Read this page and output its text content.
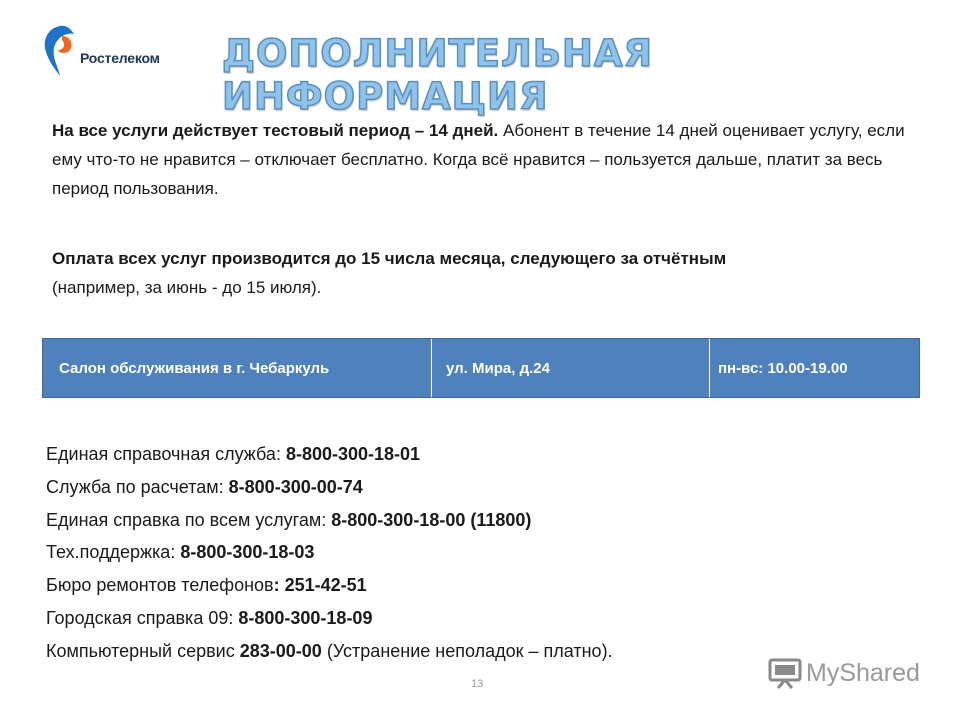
Ростелеком ДОПОЛНИТЕЛЬНАЯ ИНФОРМАЦИЯ
На все услуги действует тестовый период – 14 дней. Абонент в течение 14 дней оценивает услугу, если ему что-то не нравится – отключает бесплатно. Когда всё нравится – пользуется дальше, платит за весь период пользования.
Оплата всех услуг производится до 15 числа месяца, следующего за отчётным
(например, за июнь - до 15 июля).
Салон обслуживания в г. Чебаркуль	ул. Мира, д.24	пн-вс: 10.00-19.00
Единая справочная служба: 8-800-300-18-01
Служба по расчетам: 8-800-300-00-74
Единая справка по всем услугам: 8-800-300-18-00 (11800)
Тех.поддержка: 8-800-300-18-03
Бюро ремонтов телефонов: 251-42-51
Городская справка 09: 8-800-300-18-09
Компьютерный сервис 283-00-00 (Устранение неполадок – платно).
13	MyShared
